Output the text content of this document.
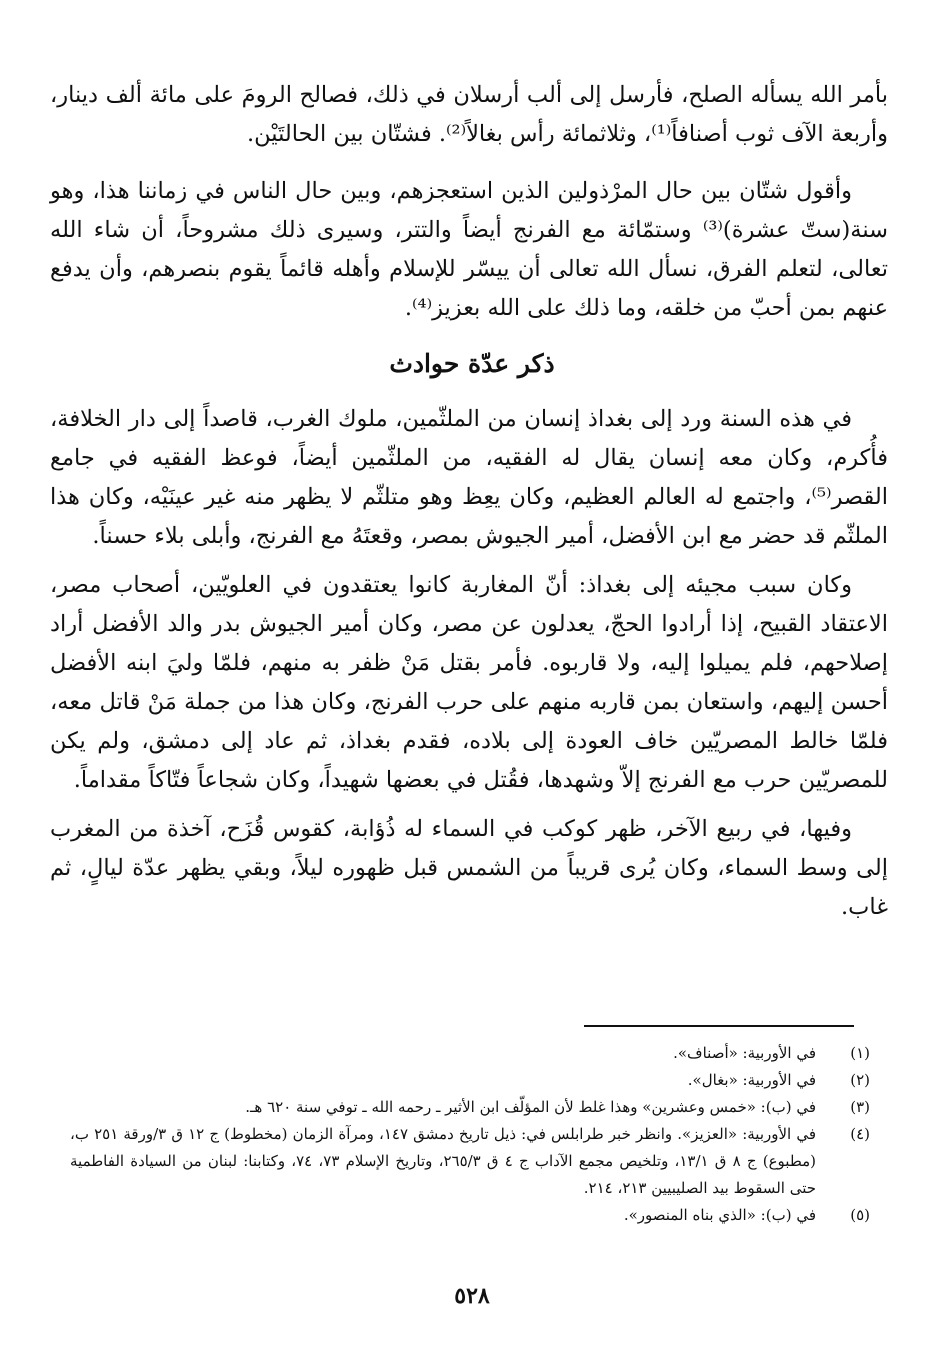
بأمر الله يسأله الصلح، فأرسل إلى ألب أرسلان في ذلك، فصالح الرومَ على مائة ألف دينار، وأربعة الآف ثوب أصنافاً⁽¹⁾، وثلاثمائة رأس بغالاً⁽²⁾. فشتّان بين الحالتَيْن.

وأقول شتّان بين حال المرْذولين الذين استعجزهم، وبين حال الناس في زماننا هذا، وهو سنة(ستّ عشرة)⁽³⁾ وستمّائة مع الفرنج أيضاً والتتر، وسيرى ذلك مشروحاً، أن شاء الله تعالى، لتعلم الفرق، نسأل الله تعالى أن ييسّر للإسلام وأهله قائماً يقوم بنصرهم، وأن يدفع عنهم بمن أحبّ من خلقه، وما ذلك على الله بعزيز⁽⁴⁾.

ذكر عدّة حوادث

في هذه السنة ورد إلى بغداذ إنسان من الملثّمين، ملوك الغرب، قاصداً إلى دار الخلافة، فأُكرم، وكان معه إنسان يقال له الفقيه، من الملثّمين أيضاً، فوعظ الفقيه في جامع القصر⁽⁵⁾، واجتمع له العالم العظيم، وكان يعِظ وهو متلثّم لا يظهر منه غير عينَيْه، وكان هذا الملثّم قد حضر مع ابن الأفضل، أمير الجيوش بمصر، وقعتَهُ مع الفرنج، وأبلى بلاء حسناً.

وكان سبب مجيئه إلى بغداذ: أنّ المغاربة كانوا يعتقدون في العلويّين، أصحاب مصر، الاعتقاد القبيح، إذا أرادوا الحجّ، يعدلون عن مصر، وكان أمير الجيوش بدر والد الأفضل أراد إصلاحهم، فلم يميلوا إليه، ولا قاربوه. فأمر بقتل مَنْ ظفر به منهم، فلمّا وليَ ابنه الأفضل أحسن إليهم، واستعان بمن قاربه منهم على حرب الفرنج، وكان هذا من جملة مَنْ قاتل معه، فلمّا خالط المصريّين خاف العودة إلى بلاده، فقدم بغداذ، ثم عاد إلى دمشق، ولم يكن للمصريّين حرب مع الفرنج إلاّ وشهدها، فقُتل في بعضها شهيداً، وكان شجاعاً فتّاكاً مقداماً.

وفيها، في ربيع الآخر، ظهر كوكب في السماء له ذُؤابة، كقوس قُزَح، آخذة من المغرب إلى وسط السماء، وكان يُرى قريباً من الشمس قبل ظهوره ليلاً، وبقي يظهر عدّة ليالٍ، ثم غاب.

(١)
في الأوربية: «أصناف».
(٢)
في الأوربية: «بغال».
(٣)
في (ب): «خمس وعشرين» وهذا غلط لأن المؤلّف ابن الأثير ـ رحمه الله ـ توفي سنة ٦٢٠ هـ.
(٤)
في الأوربية: «العزيز». وانظر خبر طرابلس في: ذيل تاريخ دمشق ١٤٧، ومرآة الزمان (مخطوط) ج ١٢ ق ٣/ورقة ٢٥١ ب، (مطبوع) ج ٨ ق ١٣/١، وتلخيص مجمع الآداب ج ٤ ق ٢٦٥/٣، وتاريخ الإسلام ٧٣، ٧٤، وكتابنا: لبنان من السيادة الفاطمية حتى السقوط بيد الصليبيين ٢١٣، ٢١٤.
(٥)
في (ب): «الذي بناه المنصور».
٥٢٨
